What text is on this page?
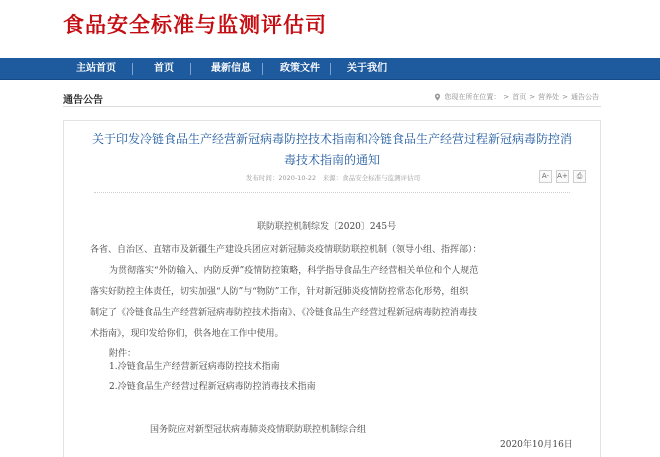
食品安全标准与监测评估司
主站首页	首页	最新信息	政策文件	关于我们
通告公告	您现在所在位置： > 首页 > 营养处 > 通告公告
关于印发冷链食品生产经营新冠病毒防控技术指南和冷链食品生产经营过程新冠病毒防控消
毒技术指南的通知
发布时间：2020-10-22　来源：食品安全标准与监测评估司	A-	A+	⎙
联防联控机制综发〔2020〕245号
各省、自治区、直辖市及新疆生产建设兵团应对新冠肺炎疫情联防联控机制（领导小组、指挥部）：
为贯彻落实“外防输入、内防反弹”疫情防控策略，科学指导食品生产经营相关单位和个人规范
落实好防控主体责任，切实加强“人防”与“物防”工作，针对新冠肺炎疫情防控常态化形势，组织
制定了《冷链食品生产经营新冠病毒防控技术指南》、《冷链食品生产经营过程新冠病毒防控消毒技
术指南》，现印发给你们，供各地在工作中使用。
附件：
1.冷链食品生产经营新冠病毒防控技术指南
2.冷链食品生产经营过程新冠病毒防控消毒技术指南
国务院应对新型冠状病毒肺炎疫情联防联控机制综合组
2020年10月16日
